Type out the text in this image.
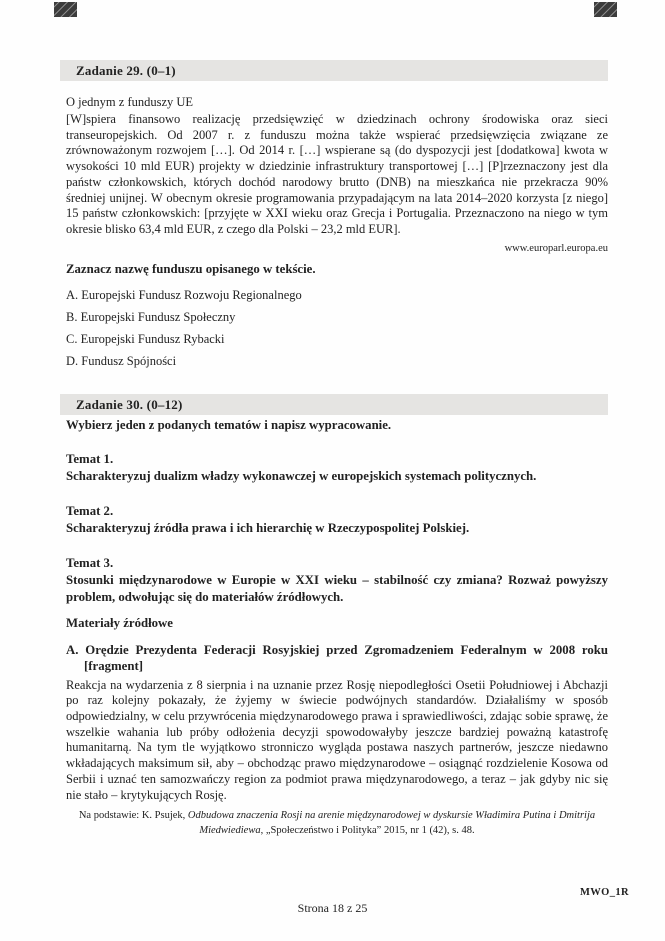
Zadanie 29. (0–1)
O jednym z funduszy UE
[W]spiera finansowo realizację przedsięwzięć w dziedzinach ochrony środowiska oraz sieci transeuropejskich. Od 2007 r. z funduszu można także wspierać przedsięwzięcia związane ze zrównoważonym rozwojem […]. Od 2014 r. […] wspierane są (do dyspozycji jest [dodatkowa] kwota w wysokości 10 mld EUR) projekty w dziedzinie infrastruktury transportowej […] [P]rzeznaczony jest dla państw członkowskich, których dochód narodowy brutto (DNB) na mieszkańca nie przekracza 90% średniej unijnej. W obecnym okresie programowania przypadającym na lata 2014–2020 korzysta [z niego] 15 państw członkowskich: [przyjęte w XXI wieku oraz Grecja i Portugalia. Przeznaczono na niego w tym okresie blisko 63,4 mld EUR, z czego dla Polski – 23,2 mld EUR].
www.europarl.europa.eu
Zaznacz nazwę funduszu opisanego w tekście.
A. Europejski Fundusz Rozwoju Regionalnego
B. Europejski Fundusz Społeczny
C. Europejski Fundusz Rybacki
D. Fundusz Spójności
Zadanie 30. (0–12)
Wybierz jeden z podanych tematów i napisz wypracowanie.
Temat 1.
Scharakteryzuj dualizm władzy wykonawczej w europejskich systemach politycznych.
Temat 2.
Scharakteryzuj źródła prawa i ich hierarchię w Rzeczypospolitej Polskiej.
Temat 3.
Stosunki międzynarodowe w Europie w XXI wieku – stabilność czy zmiana? Rozważ powyższy problem, odwołując się do materiałów źródłowych.
Materiały źródłowe
A. Orędzie Prezydenta Federacji Rosyjskiej przed Zgromadzeniem Federalnym w 2008 roku [fragment]
Reakcja na wydarzenia z 8 sierpnia i na uznanie przez Rosję niepodległości Osetii Południowej i Abchazji po raz kolejny pokazały, że żyjemy w świecie podwójnych standardów. Działaliśmy w sposób odpowiedzialny, w celu przywrócenia międzynarodowego prawa i sprawiedliwości, zdając sobie sprawę, że wszelkie wahania lub próby odłożenia decyzji spowodowałyby jeszcze bardziej poważną katastrofę humanitarną. Na tym tle wyjątkowo stronniczo wygląda postawa naszych partnerów, jeszcze niedawno wkładających maksimum sił, aby – obchodząc prawo międzynarodowe – osiągnąć rozdzielenie Kosowa od Serbii i uznać ten samozwańczy region za podmiot prawa międzynarodowego, a teraz – jak gdyby nic się nie stało – krytykujących Rosję.
Na podstawie: K. Psujek, Odbudowa znaczenia Rosji na arenie międzynarodowej w dyskursie Władimira Putina i Dmitrija Miedwiediewa, „Społeczeństwo i Polityka” 2015, nr 1 (42), s. 48.
Strona 18 z 25
MWO_1R
